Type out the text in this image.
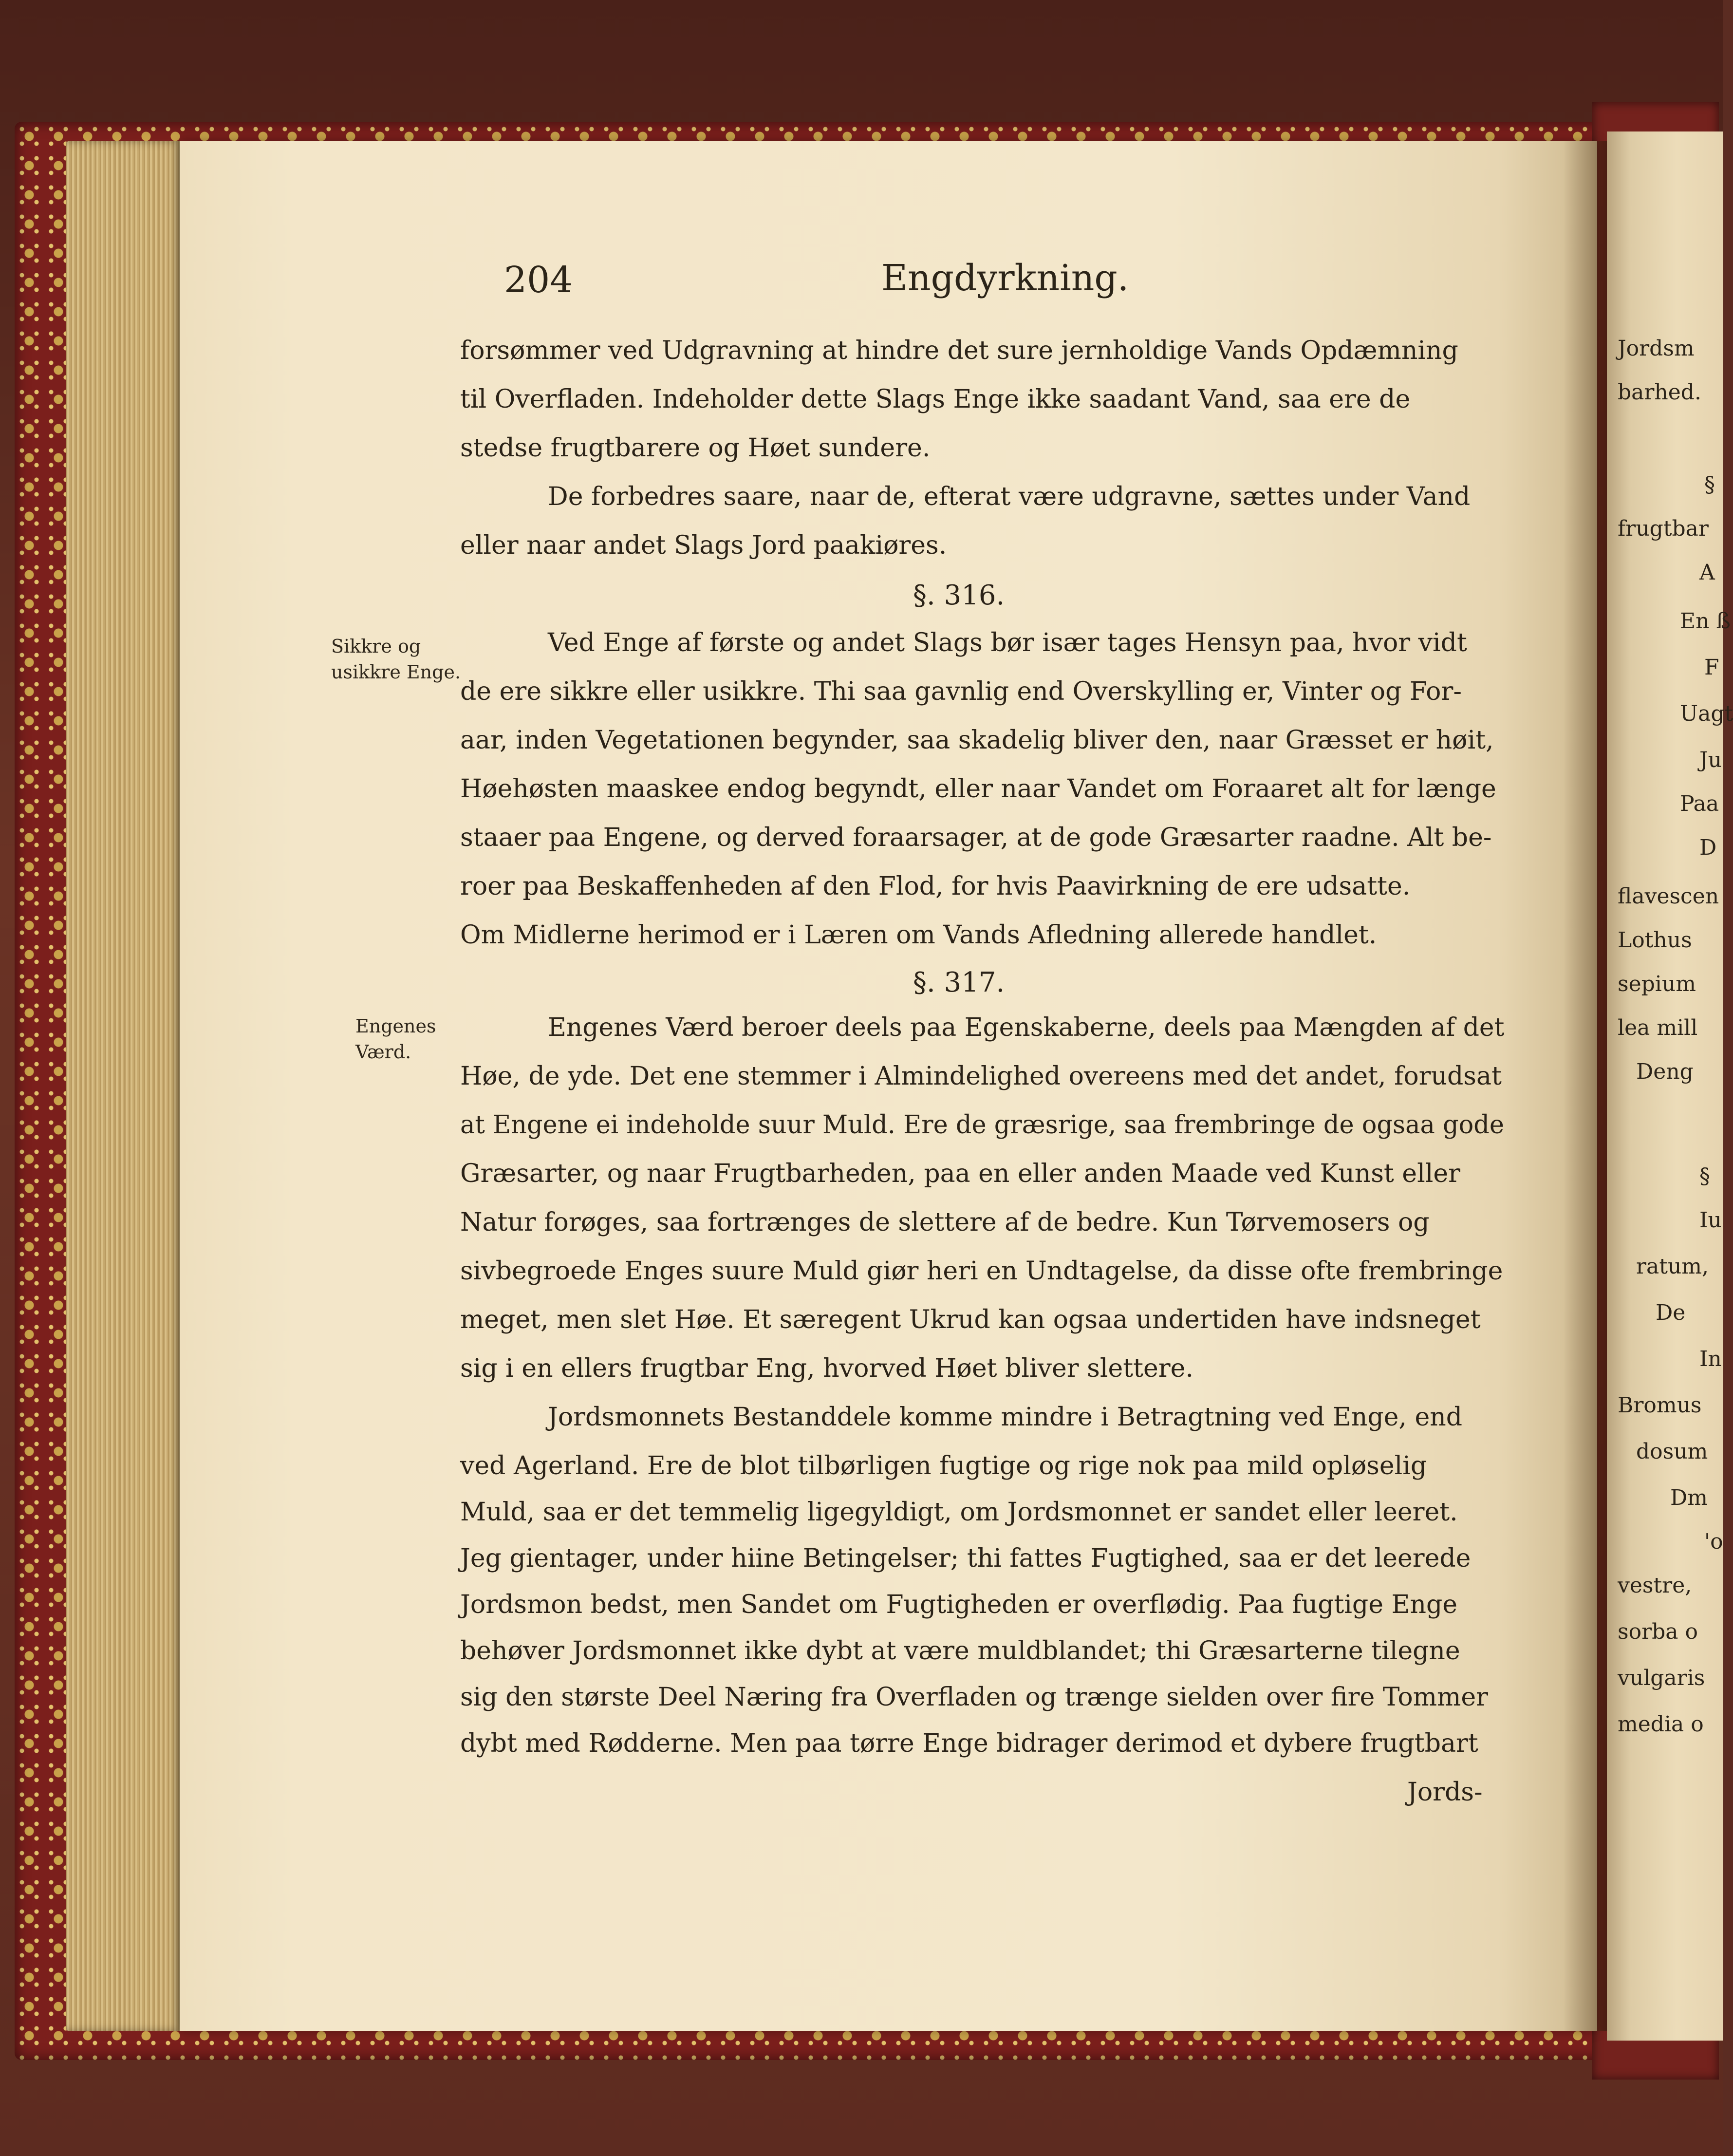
204	Engdyrkning.
Sikkre og
usikkre Enge.
Engenes
Værd.
forsømmer ved Udgravning at hindre det sure jernholdige Vands Opdæmning
til Overfladen. Indeholder dette Slags Enge ikke saadant Vand, saa ere de
stedse frugtbarere og Høet sundere.
De forbedres saare, naar de, efterat være udgravne, sættes under Vand
eller naar andet Slags Jord paakiøres.
§. 316.
Ved Enge af første og andet Slags bør især tages Hensyn paa, hvor vidt
de ere sikkre eller usikkre. Thi saa gavnlig end Overskylling er, Vinter og For-
aar, inden Vegetationen begynder, saa skadelig bliver den, naar Græsset er høit,
Høehøsten maaskee endog begyndt, eller naar Vandet om Foraaret alt for længe
staaer paa Engene, og derved foraarsager, at de gode Græsarter raadne. Alt be-
roer paa Beskaffenheden af den Flod, for hvis Paavirkning de ere udsatte.
Om Midlerne herimod er i Læren om Vands Afledning allerede handlet.
§. 317.
Engenes Værd beroer deels paa Egenskaberne, deels paa Mængden af det
Høe, de yde. Det ene stemmer i Almindelighed overeens med det andet, forudsat
at Engene ei indeholde suur Muld. Ere de græsrige, saa frembringe de ogsaa gode
Græsarter, og naar Frugtbarheden, paa en eller anden Maade ved Kunst eller
Natur forøges, saa fortrænges de slettere af de bedre. Kun Tørvemosers og
sivbegroede Enges suure Muld giør heri en Undtagelse, da disse ofte frembringe
meget, men slet Høe. Et særegent Ukrud kan ogsaa undertiden have indsneget
sig i en ellers frugtbar Eng, hvorved Høet bliver slettere.
Jordsmonnets Bestanddele komme mindre i Betragtning ved Enge, end
ved Agerland. Ere de blot tilbørligen fugtige og rige nok paa mild opløselig
Muld, saa er det temmelig ligegyldigt, om Jordsmonnet er sandet eller leeret.
Jeg gientager, under hiine Betingelser; thi fattes Fugtighed, saa er det leerede
Jordsmon bedst, men Sandet om Fugtigheden er overflødig. Paa fugtige Enge
behøver Jordsmonnet ikke dybt at være muldblandet; thi Græsarterne tilegne
sig den største Deel Næring fra Overfladen og trænge sielden over fire Tommer
dybt med Rødderne. Men paa tørre Enge bidrager derimod et dybere frugtbart
Jords-
Jordsm
barhed.
§
frugtbar
A
En ß
F
Uagt
Ju
Paa
D
flavescen
Lothus
sepium
lea mill
Deng
§
Iu
ratum,
De
In
Bromus
dosum
Dm
'o
vestre,
sorba o
vulgaris
media o
